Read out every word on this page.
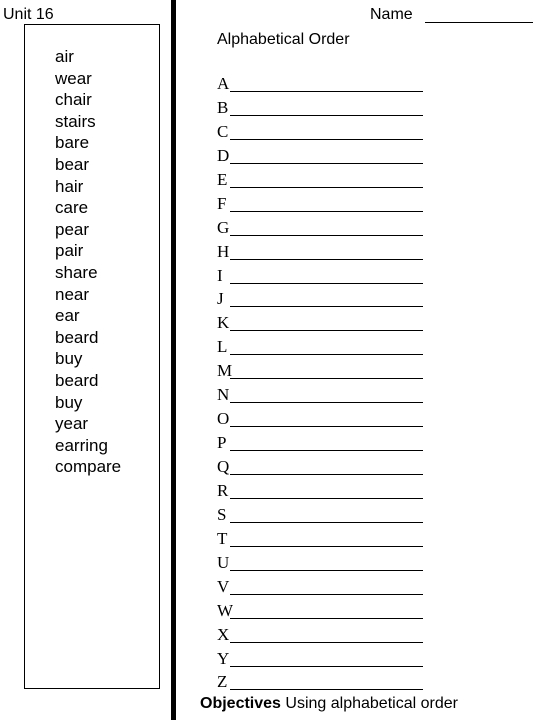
Unit 16
air
wear
chair
stairs
bare
bear
hair
care
pear
pair
share
near
ear
beard
buy
beard
buy
year
earring
compare
Name
Alphabetical Order
A
B
C
D
E
F
G
H
I
J
K
L
M
N
O
P
Q
R
S
T
U
V
W
X
Y
Z
Objectives Using alphabetical order
